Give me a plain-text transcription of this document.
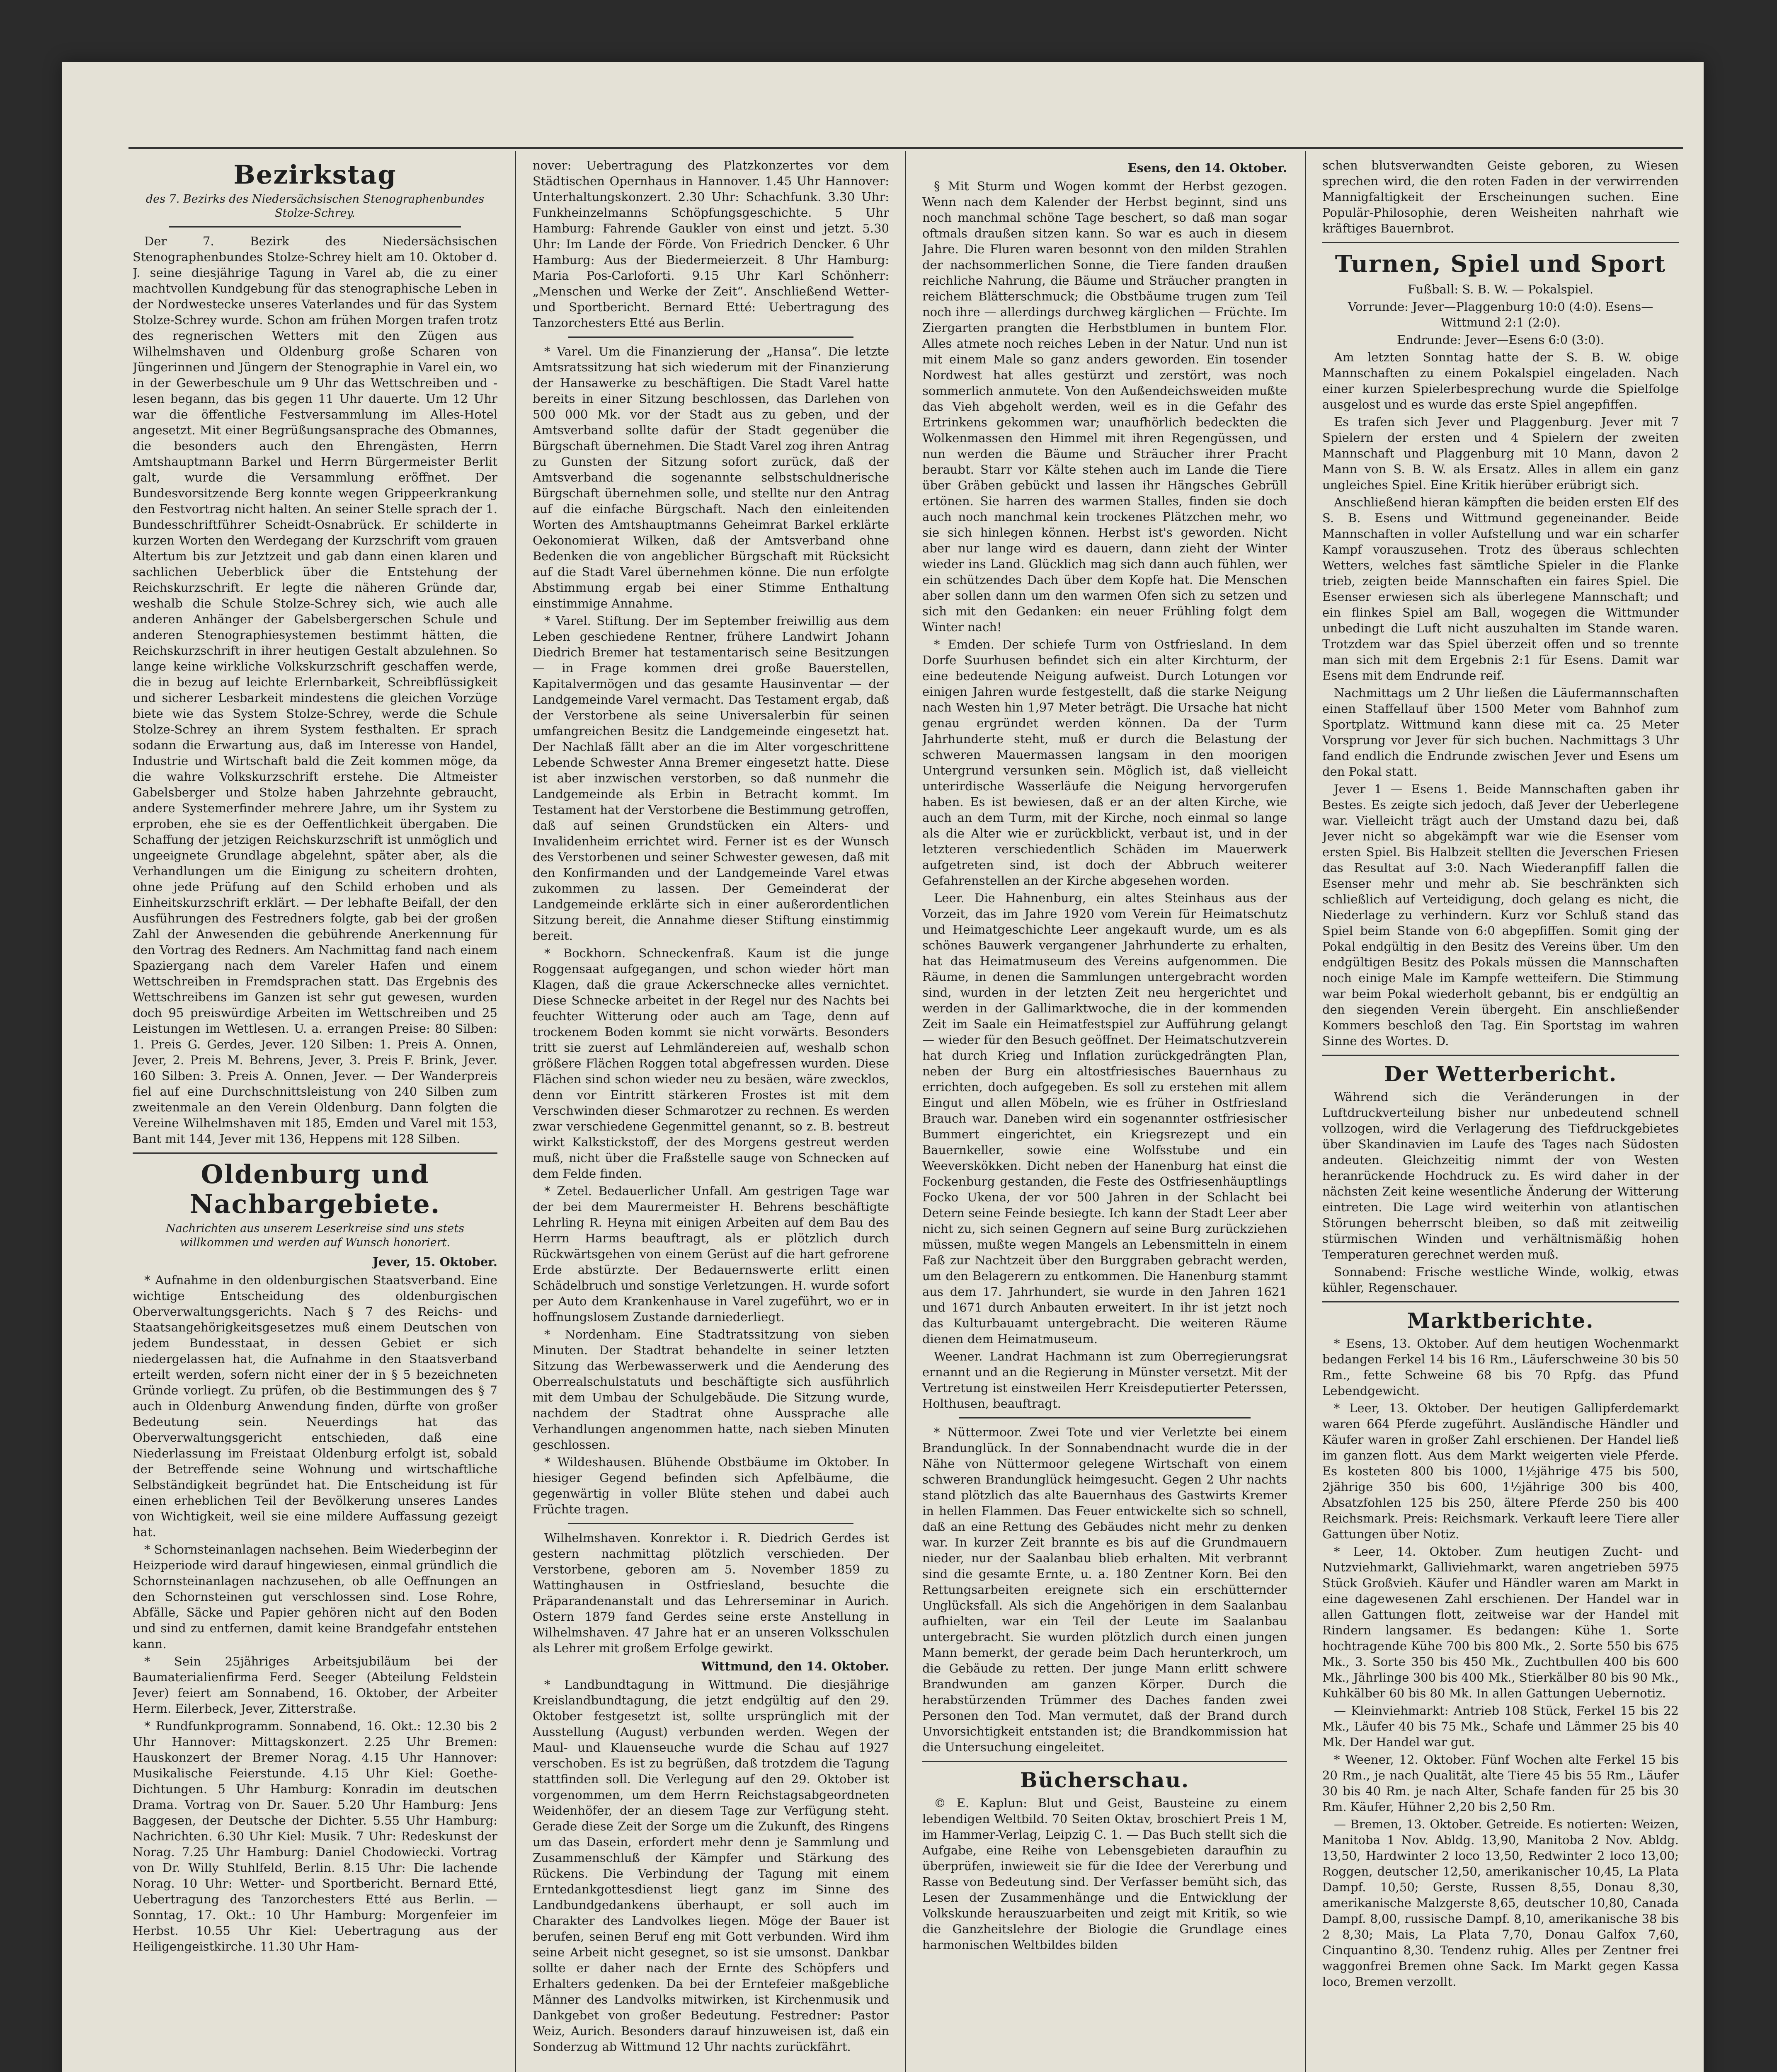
Bezirkstag
des 7. Bezirks des Niedersächsischen Stenographenbundes Stolze-Schrey.

Der 7. Bezirk des Niedersächsischen Stenographenbundes Stolze-Schrey hielt am 10. Oktober d. J. seine diesjährige Tagung in Varel ab, die zu einer machtvollen Kundgebung für das stenographische Leben in der Nordwestecke unseres Vaterlandes und für das System Stolze-Schrey wurde. Schon am frühen Morgen trafen trotz des regnerischen Wetters mit den Zügen aus Wilhelmshaven und Oldenburg große Scharen von Jüngerinnen und Jüngern der Stenographie in Varel ein, wo in der Gewerbeschule um 9 Uhr das Wettschreiben und -lesen begann, das bis gegen 11 Uhr dauerte. Um 12 Uhr war die öffentliche Festversammlung im Alles-Hotel angesetzt. Mit einer Begrüßungsansprache des Obmannes, die besonders auch den Ehrengästen, Herrn Amtshauptmann Barkel und Herrn Bürgermeister Berlit galt, wurde die Versammlung eröffnet. Der Bundesvorsitzende Berg konnte wegen Grippeerkrankung den Festvortrag nicht halten. An seiner Stelle sprach der 1. Bundesschriftführer Scheidt-Osnabrück. Er schilderte in kurzen Worten den Werdegang der Kurzschrift vom grauen Altertum bis zur Jetztzeit und gab dann einen klaren und sachlichen Ueberblick über die Entstehung der Reichskurzschrift. Er legte die näheren Gründe dar, weshalb die Schule Stolze-Schrey sich, wie auch alle anderen Anhänger der Gabelsbergerschen Schule und anderen Stenographiesystemen bestimmt hätten, die Reichskurzschrift in ihrer heutigen Gestalt abzulehnen. So lange keine wirkliche Volkskurzschrift geschaffen werde, die in bezug auf leichte Erlernbarkeit, Schreibflüssigkeit und sicherer Lesbarkeit mindestens die gleichen Vorzüge biete wie das System Stolze-Schrey, werde die Schule Stolze-Schrey an ihrem System festhalten. Er sprach sodann die Erwartung aus, daß im Interesse von Handel, Industrie und Wirtschaft bald die Zeit kommen möge, da die wahre Volkskurzschrift erstehe. Die Altmeister Gabelsberger und Stolze haben Jahrzehnte gebraucht, andere Systemerfinder mehrere Jahre, um ihr System zu erproben, ehe sie es der Oeffentlichkeit übergaben. Die Schaffung der jetzigen Reichskurzschrift ist unmöglich und ungeeignete Grundlage abgelehnt, später aber, als die Verhandlungen um die Einigung zu scheitern drohten, ohne jede Prüfung auf den Schild erhoben und als Einheitskurzschrift erklärt. — Der lebhafte Beifall, der den Ausführungen des Festredners folgte, gab bei der großen Zahl der Anwesenden die gebührende Anerkennung für den Vortrag des Redners. Am Nachmittag fand nach einem Spaziergang nach dem Vareler Hafen und einem Wettschreiben in Fremdsprachen statt. Das Ergebnis des Wettschreibens im Ganzen ist sehr gut gewesen, wurden doch 95 preiswürdige Arbeiten im Wettschreiben und 25 Leistungen im Wettlesen. U. a. errangen Preise: 80 Silben: 1. Preis G. Gerdes, Jever. 120 Silben: 1. Preis A. Onnen, Jever, 2. Preis M. Behrens, Jever, 3. Preis F. Brink, Jever. 160 Silben: 3. Preis A. Onnen, Jever. — Der Wanderpreis fiel auf eine Durchschnittsleistung von 240 Silben zum zweitenmale an den Verein Oldenburg. Dann folgten die Vereine Wilhelmshaven mit 185, Emden und Varel mit 153, Bant mit 144, Jever mit 136, Heppens mit 128 Silben.

Oldenburg und Nachbargebiete.
Nachrichten aus unserem Leserkreise sind uns stets willkommen und werden auf Wunsch honoriert.
Jever, 15. Oktober.

* Aufnahme in den oldenburgischen Staatsverband. Eine wichtige Entscheidung des oldenburgischen Oberverwaltungsgerichts. Nach § 7 des Reichs- und Staatsangehörigkeitsgesetzes muß einem Deutschen von jedem Bundesstaat, in dessen Gebiet er sich niedergelassen hat, die Aufnahme in den Staatsverband erteilt werden, sofern nicht einer der in § 5 bezeichneten Gründe vorliegt. Zu prüfen, ob die Bestimmungen des § 7 auch in Oldenburg Anwendung finden, dürfte von großer Bedeutung sein. Neuerdings hat das Oberverwaltungsgericht entschieden, daß eine Niederlassung im Freistaat Oldenburg erfolgt ist, sobald der Betreffende seine Wohnung und wirtschaftliche Selbständigkeit begründet hat. Die Entscheidung ist für einen erheblichen Teil der Bevölkerung unseres Landes von Wichtigkeit, weil sie eine mildere Auffassung gezeigt hat.

* Schornsteinanlagen nachsehen. Beim Wiederbeginn der Heizperiode wird darauf hingewiesen, einmal gründlich die Schornsteinanlagen nachzusehen, ob alle Oeffnungen an den Schornsteinen gut verschlossen sind. Lose Rohre, Abfälle, Säcke und Papier gehören nicht auf den Boden und sind zu entfernen, damit keine Brandgefahr entstehen kann.

* Sein 25jähriges Arbeitsjubiläum bei der Baumaterialienfirma Ferd. Seeger (Abteilung Feldstein Jever) feiert am Sonnabend, 16. Oktober, der Arbeiter Herm. Eilerbeck, Jever, Zitterstraße.

* Rundfunkprogramm. Sonnabend, 16. Okt.: 12.30 bis 2 Uhr Hannover: Mittagskonzert. 2.25 Uhr Bremen: Hauskonzert der Bremer Norag. 4.15 Uhr Hannover: Musikalische Feierstunde. 4.15 Uhr Kiel: Goethe-Dichtungen. 5 Uhr Hamburg: Konradin im deutschen Drama. Vortrag von Dr. Sauer. 5.20 Uhr Hamburg: Jens Baggesen, der Deutsche der Dichter. 5.55 Uhr Hamburg: Nachrichten. 6.30 Uhr Kiel: Musik. 7 Uhr: Redeskunst der Norag. 7.25 Uhr Hamburg: Daniel Chodowiecki. Vortrag von Dr. Willy Stuhlfeld, Berlin. 8.15 Uhr: Die lachende Norag. 10 Uhr: Wetter- und Sportbericht. Bernard Etté, Uebertragung des Tanzorchesters Etté aus Berlin. — Sonntag, 17. Okt.: 10 Uhr Hamburg: Morgenfeier im Herbst. 10.55 Uhr Kiel: Uebertragung aus der Heiligengeistkirche. 11.30 Uhr Ham-

nover: Uebertragung des Platzkonzertes vor dem Städtischen Opernhaus in Hannover. 1.45 Uhr Hannover: Unterhaltungskonzert. 2.30 Uhr: Schachfunk. 3.30 Uhr: Funkheinzelmanns Schöpfungsgeschichte. 5 Uhr Hamburg: Fahrende Gaukler von einst und jetzt. 5.30 Uhr: Im Lande der Förde. Von Friedrich Dencker. 6 Uhr Hamburg: Aus der Biedermeierzeit. 8 Uhr Hamburg: Maria Pos-Carloforti. 9.15 Uhr Karl Schönherr: „Menschen und Werke der Zeit“. Anschließend Wetter- und Sportbericht. Bernard Etté: Uebertragung des Tanzorchesters Etté aus Berlin.

* Varel. Um die Finanzierung der „Hansa“. Die letzte Amtsratssitzung hat sich wiederum mit der Finanzierung der Hansawerke zu beschäftigen. Die Stadt Varel hatte bereits in einer Sitzung beschlossen, das Darlehen von 500 000 Mk. vor der Stadt aus zu geben, und der Amtsverband sollte dafür der Stadt gegenüber die Bürgschaft übernehmen. Die Stadt Varel zog ihren Antrag zu Gunsten der Sitzung sofort zurück, daß der Amtsverband die sogenannte selbstschuldnerische Bürgschaft übernehmen solle, und stellte nur den Antrag auf die einfache Bürgschaft. Nach den einleitenden Worten des Amtshauptmanns Geheimrat Barkel erklärte Oekonomierat Wilken, daß der Amtsverband ohne Bedenken die von angeblicher Bürgschaft mit Rücksicht auf die Stadt Varel übernehmen könne. Die nun erfolgte Abstimmung ergab bei einer Stimme Enthaltung einstimmige Annahme.

* Varel. Stiftung. Der im September freiwillig aus dem Leben geschiedene Rentner, frühere Landwirt Johann Diedrich Bremer hat testamentarisch seine Besitzungen — in Frage kommen drei große Bauerstellen, Kapitalvermögen und das gesamte Hausinventar — der Landgemeinde Varel vermacht. Das Testament ergab, daß der Verstorbene als seine Universalerbin für seinen umfangreichen Besitz die Landgemeinde eingesetzt hat. Der Nachlaß fällt aber an die im Alter vorgeschrittene Lebende Schwester Anna Bremer eingesetzt hatte. Diese ist aber inzwischen verstorben, so daß nunmehr die Landgemeinde als Erbin in Betracht kommt. Im Testament hat der Verstorbene die Bestimmung getroffen, daß auf seinen Grundstücken ein Alters- und Invalidenheim errichtet wird. Ferner ist es der Wunsch des Verstorbenen und seiner Schwester gewesen, daß mit den Konfirmanden und der Landgemeinde Varel etwas zukommen zu lassen. Der Gemeinderat der Landgemeinde erklärte sich in einer außerordentlichen Sitzung bereit, die Annahme dieser Stiftung einstimmig bereit.

* Bockhorn. Schneckenfraß. Kaum ist die junge Roggensaat aufgegangen, und schon wieder hört man Klagen, daß die graue Ackerschnecke alles vernichtet. Diese Schnecke arbeitet in der Regel nur des Nachts bei feuchter Witterung oder auch am Tage, denn auf trockenem Boden kommt sie nicht vorwärts. Besonders tritt sie zuerst auf Lehmländereien auf, weshalb schon größere Flächen Roggen total abgefressen wurden. Diese Flächen sind schon wieder neu zu besäen, wäre zwecklos, denn vor Eintritt stärkeren Frostes ist mit dem Verschwinden dieser Schmarotzer zu rechnen. Es werden zwar verschiedene Gegenmittel genannt, so z. B. bestreut wirkt Kalkstickstoff, der des Morgens gestreut werden muß, nicht über die Fraßstelle sauge von Schnecken auf dem Felde finden.

* Zetel. Bedauerlicher Unfall. Am gestrigen Tage war der bei dem Maurermeister H. Behrens beschäftigte Lehrling R. Heyna mit einigen Arbeiten auf dem Bau des Herrn Harms beauftragt, als er plötzlich durch Rückwärtsgehen von einem Gerüst auf die hart gefrorene Erde abstürzte. Der Bedauernswerte erlitt einen Schädelbruch und sonstige Verletzungen. H. wurde sofort per Auto dem Krankenhause in Varel zugeführt, wo er in hoffnungslosem Zustande darniederliegt.

* Nordenham. Eine Stadtratssitzung von sieben Minuten. Der Stadtrat behandelte in seiner letzten Sitzung das Werbewasserwerk und die Aenderung des Oberrealschulstatuts und beschäftigte sich ausführlich mit dem Umbau der Schulgebäude. Die Sitzung wurde, nachdem der Stadtrat ohne Aussprache alle Verhandlungen angenommen hatte, nach sieben Minuten geschlossen.

* Wildeshausen. Blühende Obstbäume im Oktober. In hiesiger Gegend befinden sich Apfelbäume, die gegenwärtig in voller Blüte stehen und dabei auch Früchte tragen.

Wilhelmshaven. Konrektor i. R. Diedrich Gerdes ist gestern nachmittag plötzlich verschieden. Der Verstorbene, geboren am 5. November 1859 zu Wattinghausen in Ostfriesland, besuchte die Präparandenanstalt und das Lehrerseminar in Aurich. Ostern 1879 fand Gerdes seine erste Anstellung in Wilhelmshaven. 47 Jahre hat er an unseren Volksschulen als Lehrer mit großem Erfolge gewirkt.

Wittmund, den 14. Oktober.

* Landbundtagung in Wittmund. Die diesjährige Kreislandbundtagung, die jetzt endgültig auf den 29. Oktober festgesetzt ist, sollte ursprünglich mit der Ausstellung (August) verbunden werden. Wegen der Maul- und Klauenseuche wurde die Schau auf 1927 verschoben. Es ist zu begrüßen, daß trotzdem die Tagung stattfinden soll. Die Verlegung auf den 29. Oktober ist vorgenommen, um dem Herrn Reichstagsabgeordneten Weidenhöfer, der an diesem Tage zur Verfügung steht. Gerade diese Zeit der Sorge um die Zukunft, des Ringens um das Dasein, erfordert mehr denn je Sammlung und Zusammenschluß der Kämpfer und Stärkung des Rückens. Die Verbindung der Tagung mit einem Erntedankgottesdienst liegt ganz im Sinne des Landbundgedankens überhaupt, er soll auch im Charakter des Landvolkes liegen. Möge der Bauer ist berufen, seinen Beruf eng mit Gott verbunden. Wird ihm seine Arbeit nicht gesegnet, so ist sie umsonst. Dankbar sollte er daher nach der Ernte des Schöpfers und Erhalters gedenken. Da bei der Erntefeier maßgebliche Männer des Landvolks mitwirken, ist Kirchenmusik und Dankgebet von großer Bedeutung. Festredner: Pastor Weiz, Aurich. Besonders darauf hinzuweisen ist, daß ein Sonderzug ab Wittmund 12 Uhr nachts zurückfährt.

Esens, den 14. Oktober.

§ Mit Sturm und Wogen kommt der Herbst gezogen. Wenn nach dem Kalender der Herbst beginnt, sind uns noch manchmal schöne Tage beschert, so daß man sogar oftmals draußen sitzen kann. So war es auch in diesem Jahre. Die Fluren waren besonnt von den milden Strahlen der nachsommerlichen Sonne, die Tiere fanden draußen reichliche Nahrung, die Bäume und Sträucher prangten in reichem Blätterschmuck; die Obstbäume trugen zum Teil noch ihre — allerdings durchweg kärglichen — Früchte. Im Ziergarten prangten die Herbstblumen in buntem Flor. Alles atmete noch reiches Leben in der Natur. Und nun ist mit einem Male so ganz anders geworden. Ein tosender Nordwest hat alles gestürzt und zerstört, was noch sommerlich anmutete. Von den Außendeichsweiden mußte das Vieh abgeholt werden, weil es in die Gefahr des Ertrinkens gekommen war; unaufhörlich bedeckten die Wolkenmassen den Himmel mit ihren Regengüssen, und nun werden die Bäume und Sträucher ihrer Pracht beraubt. Starr vor Kälte stehen auch im Lande die Tiere über Gräben gebückt und lassen ihr Hängsches Gebrüll ertönen. Sie harren des warmen Stalles, finden sie doch auch noch manchmal kein trockenes Plätzchen mehr, wo sie sich hinlegen können. Herbst ist's geworden. Nicht aber nur lange wird es dauern, dann zieht der Winter wieder ins Land. Glücklich mag sich dann auch fühlen, wer ein schützendes Dach über dem Kopfe hat. Die Menschen aber sollen dann um den warmen Ofen sich zu setzen und sich mit den Gedanken: ein neuer Frühling folgt dem Winter nach!

* Emden. Der schiefe Turm von Ostfriesland. In dem Dorfe Suurhusen befindet sich ein alter Kirchturm, der eine bedeutende Neigung aufweist. Durch Lotungen vor einigen Jahren wurde festgestellt, daß die starke Neigung nach Westen hin 1,97 Meter beträgt. Die Ursache hat nicht genau ergründet werden können. Da der Turm Jahrhunderte steht, muß er durch die Belastung der schweren Mauermassen langsam in den moorigen Untergrund versunken sein. Möglich ist, daß vielleicht unterirdische Wasserläufe die Neigung hervorgerufen haben. Es ist bewiesen, daß er an der alten Kirche, wie auch an dem Turm, mit der Kirche, noch einmal so lange als die Alter wie er zurückblickt, verbaut ist, und in der letzteren verschiedentlich Schäden im Mauerwerk aufgetreten sind, ist doch der Abbruch weiterer Gefahrenstellen an der Kirche abgesehen worden.

Leer. Die Hahnenburg, ein altes Steinhaus aus der Vorzeit, das im Jahre 1920 vom Verein für Heimatschutz und Heimatgeschichte Leer angekauft wurde, um es als schönes Bauwerk vergangener Jahrhunderte zu erhalten, hat das Heimatmuseum des Vereins aufgenommen. Die Räume, in denen die Sammlungen untergebracht worden sind, wurden in der letzten Zeit neu hergerichtet und werden in der Gallimarktwoche, die in der kommenden Zeit im Saale ein Heimatfestspiel zur Aufführung gelangt — wieder für den Besuch geöffnet. Der Heimatschutzverein hat durch Krieg und Inflation zurückgedrängten Plan, neben der Burg ein altostfriesisches Bauernhaus zu errichten, doch aufgegeben. Es soll zu erstehen mit allem Eingut und allen Möbeln, wie es früher in Ostfriesland Brauch war. Daneben wird ein sogenannter ostfriesischer Bummert eingerichtet, ein Kriegsrezept und ein Bauernkeller, sowie eine Wolfsstube und ein Weeverskökken. Dicht neben der Hanenburg hat einst die Fockenburg gestanden, die Feste des Ostfriesenhäuptlings Focko Ukena, der vor 500 Jahren in der Schlacht bei Detern seine Feinde besiegte. Ich kann der Stadt Leer aber nicht zu, sich seinen Gegnern auf seine Burg zurückziehen müssen, mußte wegen Mangels an Lebensmitteln in einem Faß zur Nachtzeit über den Burggraben gebracht werden, um den Belagerern zu entkommen. Die Hanenburg stammt aus dem 17. Jahrhundert, sie wurde in den Jahren 1621 und 1671 durch Anbauten erweitert. In ihr ist jetzt noch das Kulturbauamt untergebracht. Die weiteren Räume dienen dem Heimatmuseum.

Weener. Landrat Hachmann ist zum Oberregierungsrat ernannt und an die Regierung in Münster versetzt. Mit der Vertretung ist einstweilen Herr Kreisdeputierter Peterssen, Holthusen, beauftragt.

* Nüttermoor. Zwei Tote und vier Verletzte bei einem Brandunglück. In der Sonnabendnacht wurde die in der Nähe von Nüttermoor gelegene Wirtschaft von einem schweren Brandunglück heimgesucht. Gegen 2 Uhr nachts stand plötzlich das alte Bauernhaus des Gastwirts Kremer in hellen Flammen. Das Feuer entwickelte sich so schnell, daß an eine Rettung des Gebäudes nicht mehr zu denken war. In kurzer Zeit brannte es bis auf die Grundmauern nieder, nur der Saalanbau blieb erhalten. Mit verbrannt sind die gesamte Ernte, u. a. 180 Zentner Korn. Bei den Rettungsarbeiten ereignete sich ein erschütternder Unglücksfall. Als sich die Angehörigen in dem Saalanbau aufhielten, war ein Teil der Leute im Saalanbau untergebracht. Sie wurden plötzlich durch einen jungen Mann bemerkt, der gerade beim Dach herunterkroch, um die Gebäude zu retten. Der junge Mann erlitt schwere Brandwunden am ganzen Körper. Durch die herabstürzenden Trümmer des Daches fanden zwei Personen den Tod. Man vermutet, daß der Brand durch Unvorsichtigkeit entstanden ist; die Brandkommission hat die Untersuchung eingeleitet.

Bücherschau.

© E. Kaplun: Blut und Geist, Bausteine zu einem lebendigen Weltbild. 70 Seiten Oktav, broschiert Preis 1 M, im Hammer-Verlag, Leipzig C. 1. — Das Buch stellt sich die Aufgabe, eine Reihe von Lebensgebieten daraufhin zu überprüfen, inwieweit sie für die Idee der Vererbung und Rasse von Bedeutung sind. Der Verfasser bemüht sich, das Lesen der Zusammenhänge und die Entwicklung der Volkskunde herauszuarbeiten und zeigt mit Kritik, so wie die Ganzheitslehre der Biologie die Grundlage eines harmonischen Weltbildes bilden

schen blutsverwandten Geiste geboren, zu Wiesen sprechen wird, die den roten Faden in der verwirrenden Mannigfaltigkeit der Erscheinungen suchen. Eine Populär-Philosophie, deren Weisheiten nahrhaft wie kräftiges Bauernbrot.

Turnen, Spiel und Sport
Fußball: S. B. W. — Pokalspiel.
Vorrunde: Jever—Plaggenburg 10:0 (4:0). Esens—Wittmund 2:1 (2:0).
Endrunde: Jever—Esens 6:0 (3:0).

Am letzten Sonntag hatte der S. B. W. obige Mannschaften zu einem Pokalspiel eingeladen. Nach einer kurzen Spielerbesprechung wurde die Spielfolge ausgelost und es wurde das erste Spiel angepfiffen.

Es trafen sich Jever und Plaggenburg. Jever mit 7 Spielern der ersten und 4 Spielern der zweiten Mannschaft und Plaggenburg mit 10 Mann, davon 2 Mann von S. B. W. als Ersatz. Alles in allem ein ganz ungleiches Spiel. Eine Kritik hierüber erübrigt sich.

Anschließend hieran kämpften die beiden ersten Elf des S. B. Esens und Wittmund gegeneinander. Beide Mannschaften in voller Aufstellung und war ein scharfer Kampf vorauszusehen. Trotz des überaus schlechten Wetters, welches fast sämtliche Spieler in die Flanke trieb, zeigten beide Mannschaften ein faires Spiel. Die Esenser erwiesen sich als überlegene Mannschaft; und ein flinkes Spiel am Ball, wogegen die Wittmunder unbedingt die Luft nicht auszuhalten im Stande waren. Trotzdem war das Spiel überzeit offen und so trennte man sich mit dem Ergebnis 2:1 für Esens. Damit war Esens mit dem Endrunde reif.

Nachmittags um 2 Uhr ließen die Läufermannschaften einen Staffellauf über 1500 Meter vom Bahnhof zum Sportplatz. Wittmund kann diese mit ca. 25 Meter Vorsprung vor Jever für sich buchen. Nachmittags 3 Uhr fand endlich die Endrunde zwischen Jever und Esens um den Pokal statt.

Jever 1 — Esens 1. Beide Mannschaften gaben ihr Bestes. Es zeigte sich jedoch, daß Jever der Ueberlegene war. Vielleicht trägt auch der Umstand dazu bei, daß Jever nicht so abgekämpft war wie die Esenser vom ersten Spiel. Bis Halbzeit stellten die Jeverschen Friesen das Resultat auf 3:0. Nach Wiederanpfiff fallen die Esenser mehr und mehr ab. Sie beschränkten sich schließlich auf Verteidigung, doch gelang es nicht, die Niederlage zu verhindern. Kurz vor Schluß stand das Spiel beim Stande von 6:0 abgepfiffen. Somit ging der Pokal endgültig in den Besitz des Vereins über. Um den endgültigen Besitz des Pokals müssen die Mannschaften noch einige Male im Kampfe wetteifern. Die Stimmung war beim Pokal wiederholt gebannt, bis er endgültig an den siegenden Verein übergeht. Ein anschließender Kommers beschloß den Tag. Ein Sportstag im wahren Sinne des Wortes. D.

Der Wetterbericht.

Während sich die Veränderungen in der Luftdruckverteilung bisher nur unbedeutend schnell vollzogen, wird die Verlagerung des Tiefdruckgebietes über Skandinavien im Laufe des Tages nach Südosten andeuten. Gleichzeitig nimmt der von Westen heranrückende Hochdruck zu. Es wird daher in der nächsten Zeit keine wesentliche Änderung der Witterung eintreten. Die Lage wird weiterhin von atlantischen Störungen beherrscht bleiben, so daß mit zeitweilig stürmischen Winden und verhältnismäßig hohen Temperaturen gerechnet werden muß.

Sonnabend: Frische westliche Winde, wolkig, etwas kühler, Regenschauer.

Marktberichte.

* Esens, 13. Oktober. Auf dem heutigen Wochenmarkt bedangen Ferkel 14 bis 16 Rm., Läuferschweine 30 bis 50 Rm., fette Schweine 68 bis 70 Rpfg. das Pfund Lebendgewicht.

* Leer, 13. Oktober. Der heutigen Gallipferdemarkt waren 664 Pferde zugeführt. Ausländische Händler und Käufer waren in großer Zahl erschienen. Der Handel ließ im ganzen flott. Aus dem Markt weigerten viele Pferde. Es kosteten 800 bis 1000, 1½jährige 475 bis 500, 2jährige 350 bis 600, 1½jährige 300 bis 400, Absatzfohlen 125 bis 250, ältere Pferde 250 bis 400 Reichsmark. Preis: Reichsmark. Verkauft leere Tiere aller Gattungen über Notiz.

* Leer, 14. Oktober. Zum heutigen Zucht- und Nutzviehmarkt, Galliviehmarkt, waren angetrieben 5975 Stück Großvieh. Käufer und Händler waren am Markt in eine dagewesenen Zahl erschienen. Der Handel war in allen Gattungen flott, zeitweise war der Handel mit Rindern langsamer. Es bedangen: Kühe 1. Sorte hochtragende Kühe 700 bis 800 Mk., 2. Sorte 550 bis 675 Mk., 3. Sorte 350 bis 450 Mk., Zuchtbullen 400 bis 600 Mk., Jährlinge 300 bis 400 Mk., Stierkälber 80 bis 90 Mk., Kuhkälber 60 bis 80 Mk. In allen Gattungen Uebernotiz.

— Kleinviehmarkt: Antrieb 108 Stück, Ferkel 15 bis 22 Mk., Läufer 40 bis 75 Mk., Schafe und Lämmer 25 bis 40 Mk. Der Handel war gut.

* Weener, 12. Oktober. Fünf Wochen alte Ferkel 15 bis 20 Rm., je nach Qualität, alte Tiere 45 bis 55 Rm., Läufer 30 bis 40 Rm. je nach Alter, Schafe fanden für 25 bis 30 Rm. Käufer, Hühner 2,20 bis 2,50 Rm.

— Bremen, 13. Oktober. Getreide. Es notierten: Weizen, Manitoba 1 Nov. Abldg. 13,90, Manitoba 2 Nov. Abldg. 13,50, Hardwinter 2 loco 13,50, Redwinter 2 loco 13,00; Roggen, deutscher 12,50, amerikanischer 10,45, La Plata Dampf. 10,50; Gerste, Russen 8,55, Donau 8,30, amerikanische Malzgerste 8,65, deutscher 10,80, Canada Dampf. 8,00, russische Dampf. 8,10, amerikanische 38 bis 2 8,30; Mais, La Plata 7,70, Donau Galfox 7,60, Cinquantino 8,30. Tendenz ruhig. Alles per Zentner frei waggonfrei Bremen ohne Sack. Im Markt gegen Kassa loco, Bremen verzollt.
